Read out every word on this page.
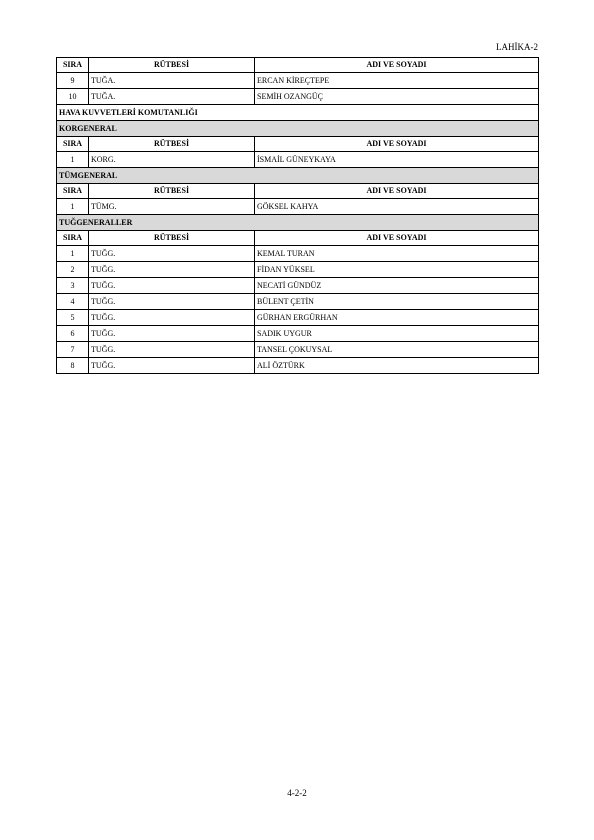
LAHİKA-2
SIRA	RÜTBESİ	ADI VE SOYADI
9	TUĞA.	ERCAN KİREÇTEPE
10	TUĞA.	SEMİH OZANGÜÇ
HAVA KUVVETLERİ KOMUTANLIĞI		
KORGENERAL		
SIRA	RÜTBESİ	ADI VE SOYADI
1	KORG.	İSMAİL GÜNEYKAYA
TÜMGENERAL		
SIRA	RÜTBESİ	ADI VE SOYADI
1	TÜMG.	GÖKSEL KAHYA
TUĞGENERALLER		
SIRA	RÜTBESİ	ADI VE SOYADI
1	TUĞG.	KEMAL TURAN
2	TUĞG.	FİDAN YÜKSEL
3	TUĞG.	NECATİ GÜNDÜZ
4	TUĞG.	BÜLENT ÇETİN
5	TUĞG.	GÜRHAN ERGÜRHAN
6	TUĞG.	SADIK UYGUR
7	TUĞG.	TANSEL ÇOKUYSAL
8	TUĞG.	ALİ ÖZTÜRK
4-2-2
